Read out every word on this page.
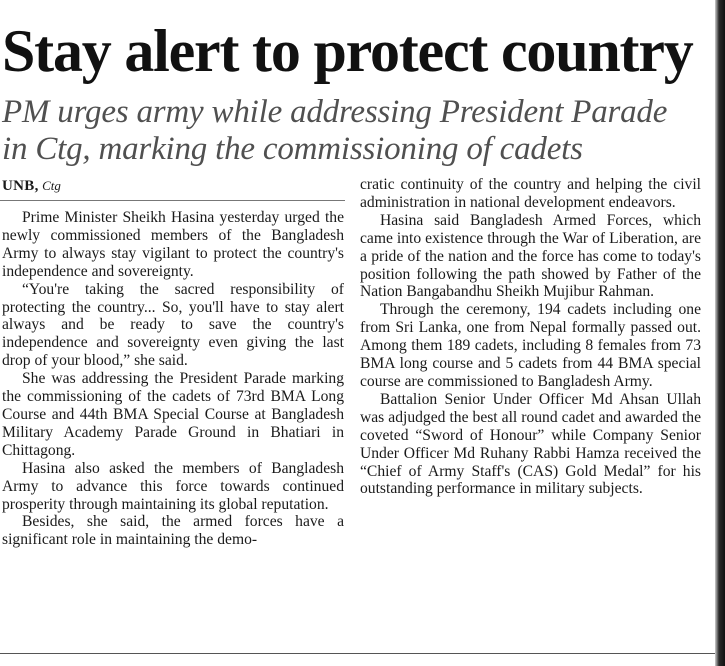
Stay alert to protect country
PM urges army while addressing President Parade
in Ctg, marking the commissioning of cadets
UNB, Ctg

Prime Minister Sheikh Hasina yesterday urged the newly commissioned members of the Bangladesh Army to always stay vigilant to protect the country's independence and sovereignty.

“You're taking the sacred responsibility of protecting the country... So, you'll have to stay alert always and be ready to save the country's independence and sovereignty even giving the last drop of your blood,” she said.

She was addressing the President Parade marking the commissioning of the cadets of 73rd BMA Long Course and 44th BMA Special Course at Bangladesh Military Academy Parade Ground in Bhatiari in Chittagong.

Hasina also asked the members of Bangladesh Army to advance this force towards continued prosperity through maintaining its global reputation.

Besides, she said, the armed forces have a significant role in maintaining the demo-

cratic continuity of the country and helping the civil administration in national development endeavors.

Hasina said Bangladesh Armed Forces, which came into existence through the War of Liberation, are a pride of the nation and the force has come to today's position following the path showed by Father of the Nation Bangabandhu Sheikh Mujibur Rahman.

Through the ceremony, 194 cadets including one from Sri Lanka, one from Nepal formally passed out. Among them 189 cadets, including 8 females from 73 BMA long course and 5 cadets from 44 BMA special course are commissioned to Bangladesh Army.

Battalion Senior Under Officer Md Ahsan Ullah was adjudged the best all round cadet and awarded the coveted “Sword of Honour” while Company Senior Under Officer Md Ruhany Rabbi Hamza received the “Chief of Army Staff's (CAS) Gold Medal” for his outstanding performance in military subjects.
